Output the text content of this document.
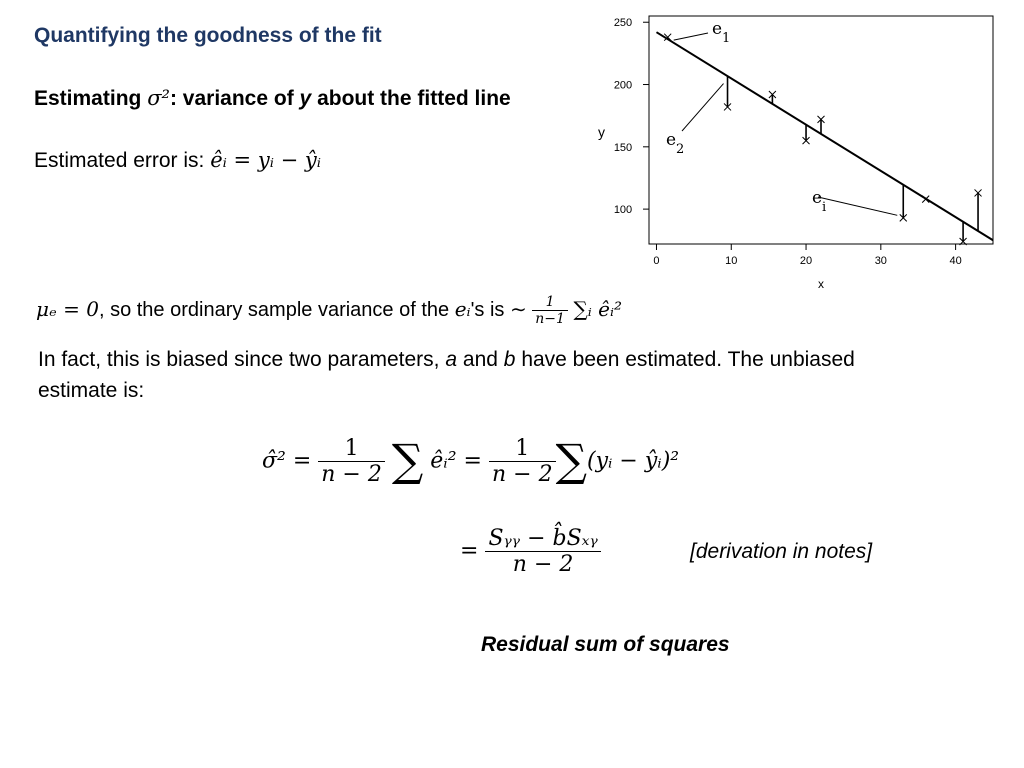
Quantifying the goodness of the fit
Estimating σ²: variance of y about the fitted line
Estimated error is: êᵢ = yᵢ − ŷᵢ
μₑ = 0, so the ordinary sample variance of the eᵢ's is ∼ $\frac{1}{n-1}$ ∑ᵢ êᵢ²
In fact, this is biased since two parameters, a and b have been estimated. The unbiased estimate is:
σ̂² = $\frac{1}{n - 2}$ ∑ êᵢ² = $\frac{1}{n - 2}$ ∑(yᵢ − ŷᵢ)²
= $\frac{\text{Sᵧᵧ − b̂Sₓᵧ}}{n - 2}$	[derivation in notes]
Residual sum of squares
0	10	20	30	40
100
150
200
250
x
y
e 1
e 2
e i
